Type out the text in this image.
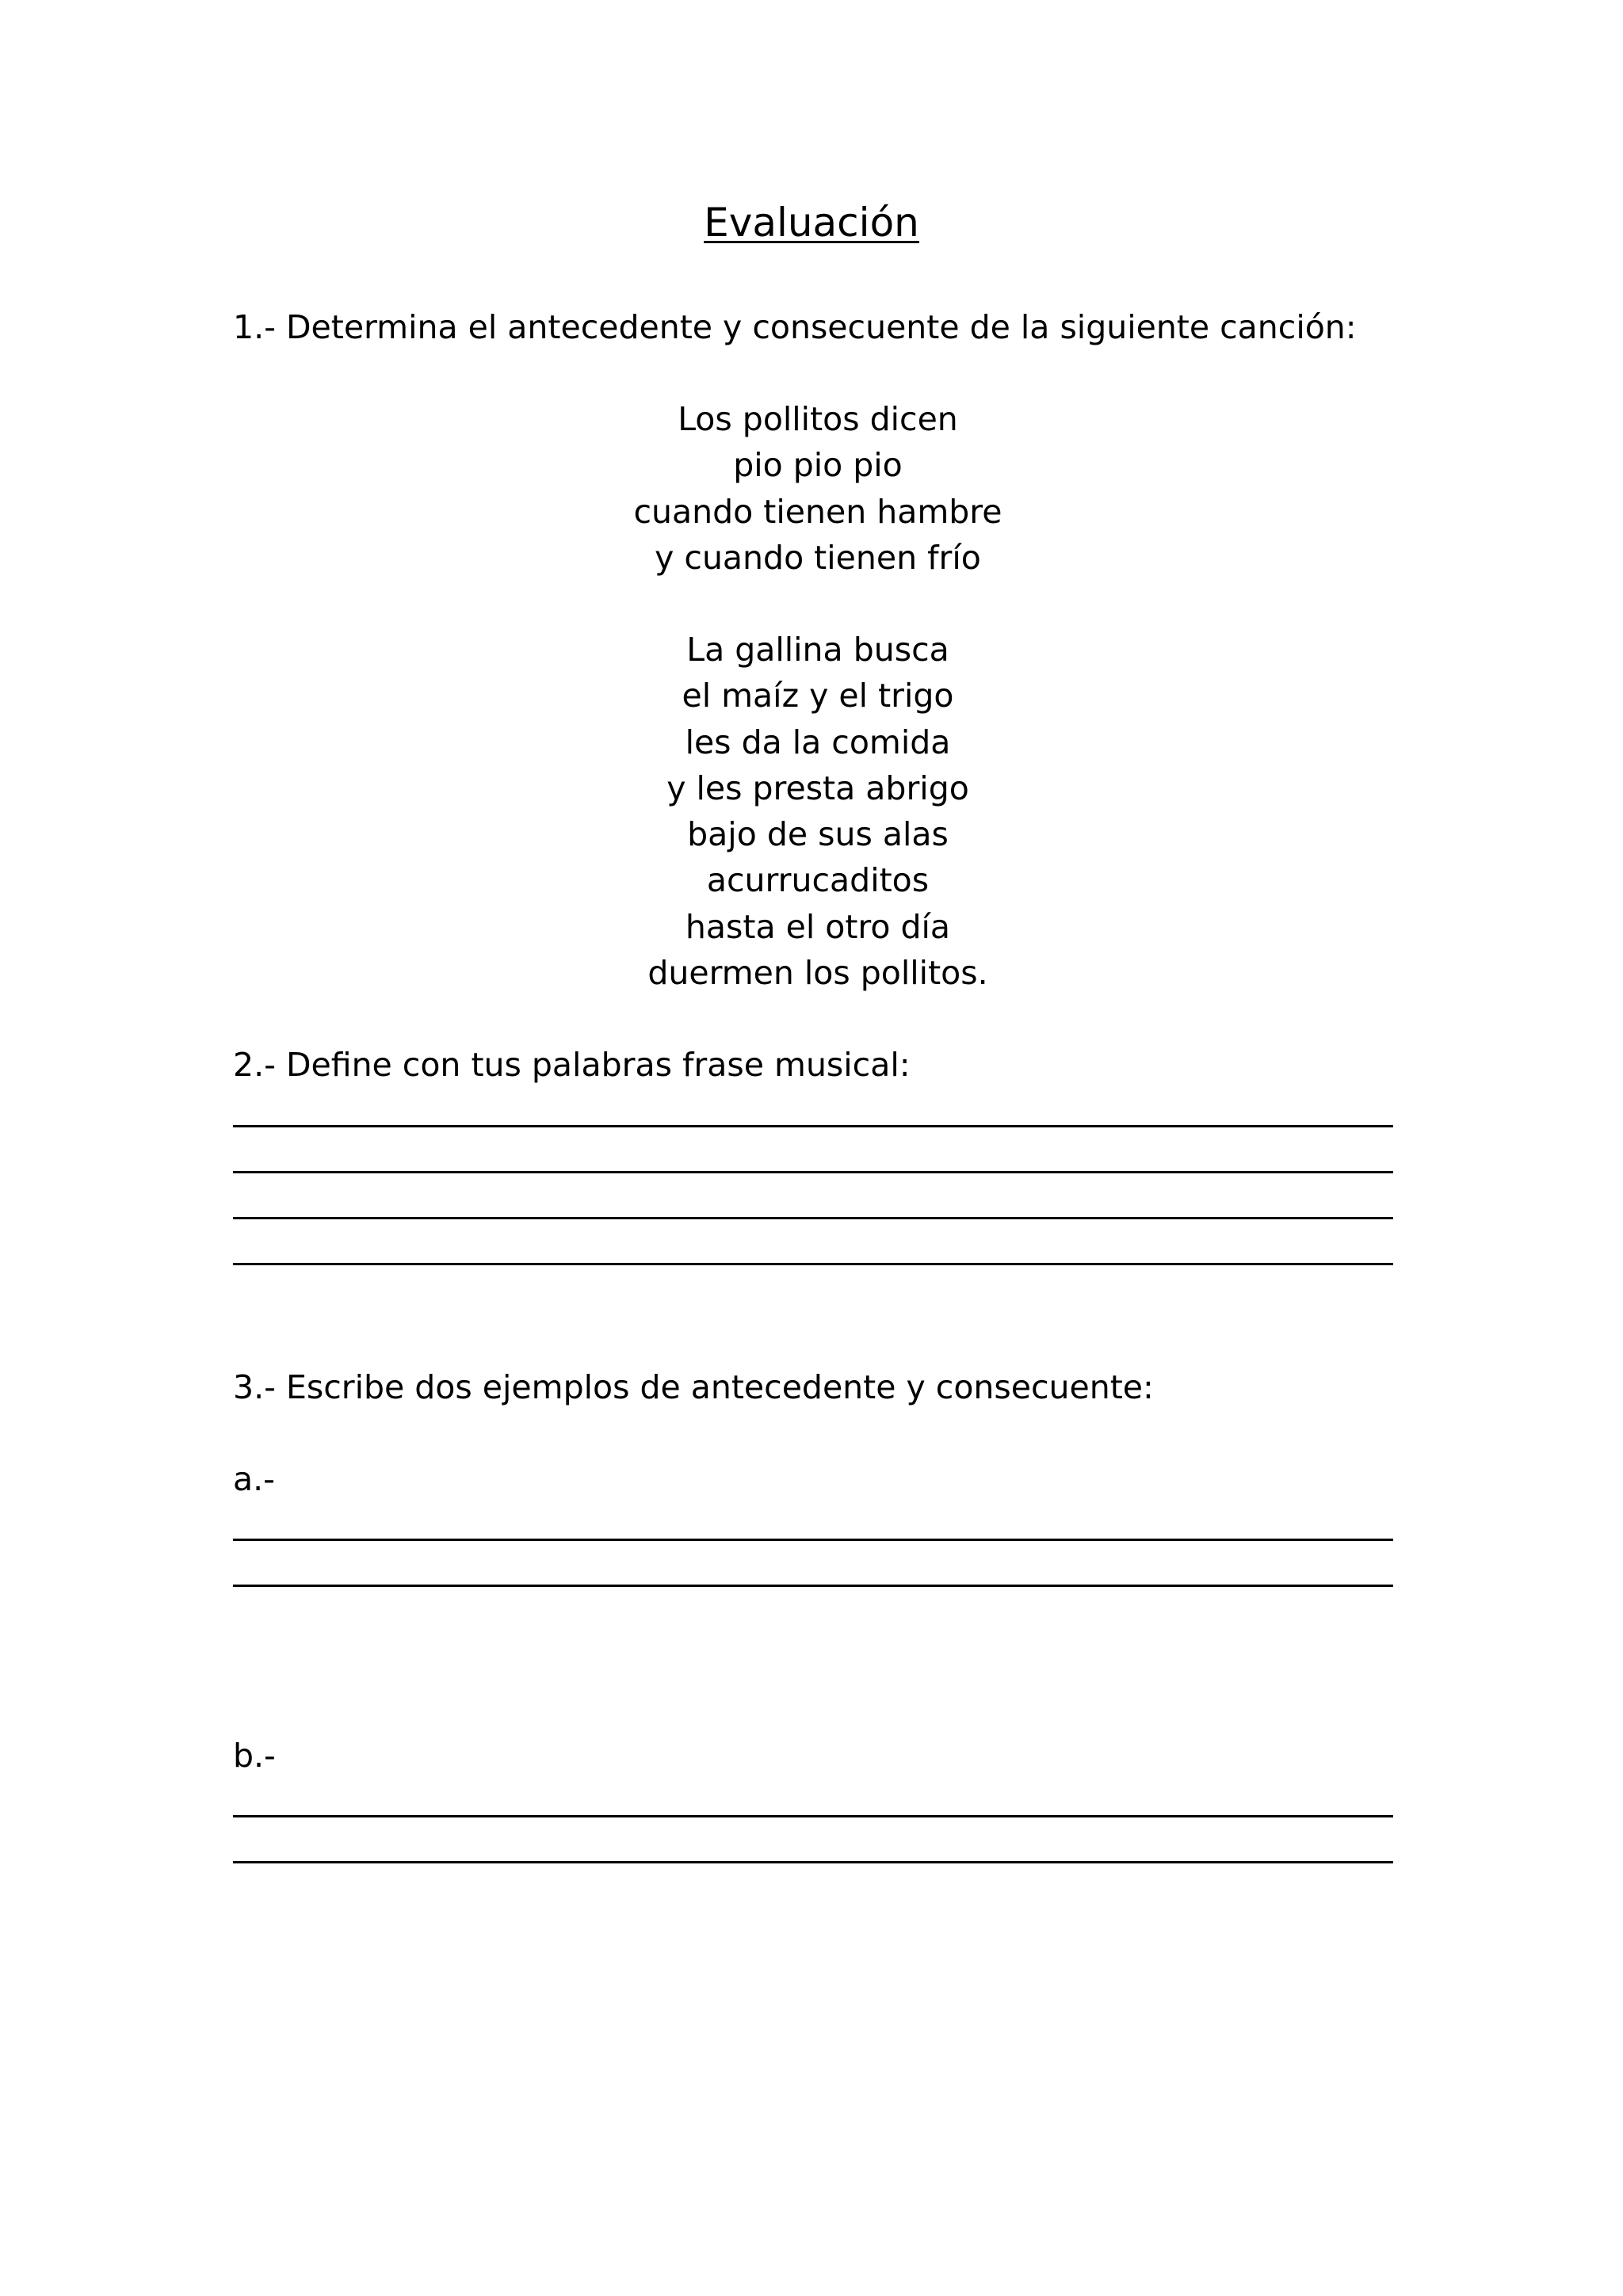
Evaluación
1.- Determina el antecedente y consecuente de la siguiente canción:
Los pollitos dicen
pio pio pio
cuando tienen hambre
y cuando tienen frío
La gallina busca
el maíz y el trigo
les da la comida
y les presta abrigo
bajo de sus alas
acurrucaditos
hasta el otro día
duermen los pollitos.
2.- Define con tus palabras frase musical:
3.- Escribe dos ejemplos de antecedente y consecuente:
a.-
b.-
